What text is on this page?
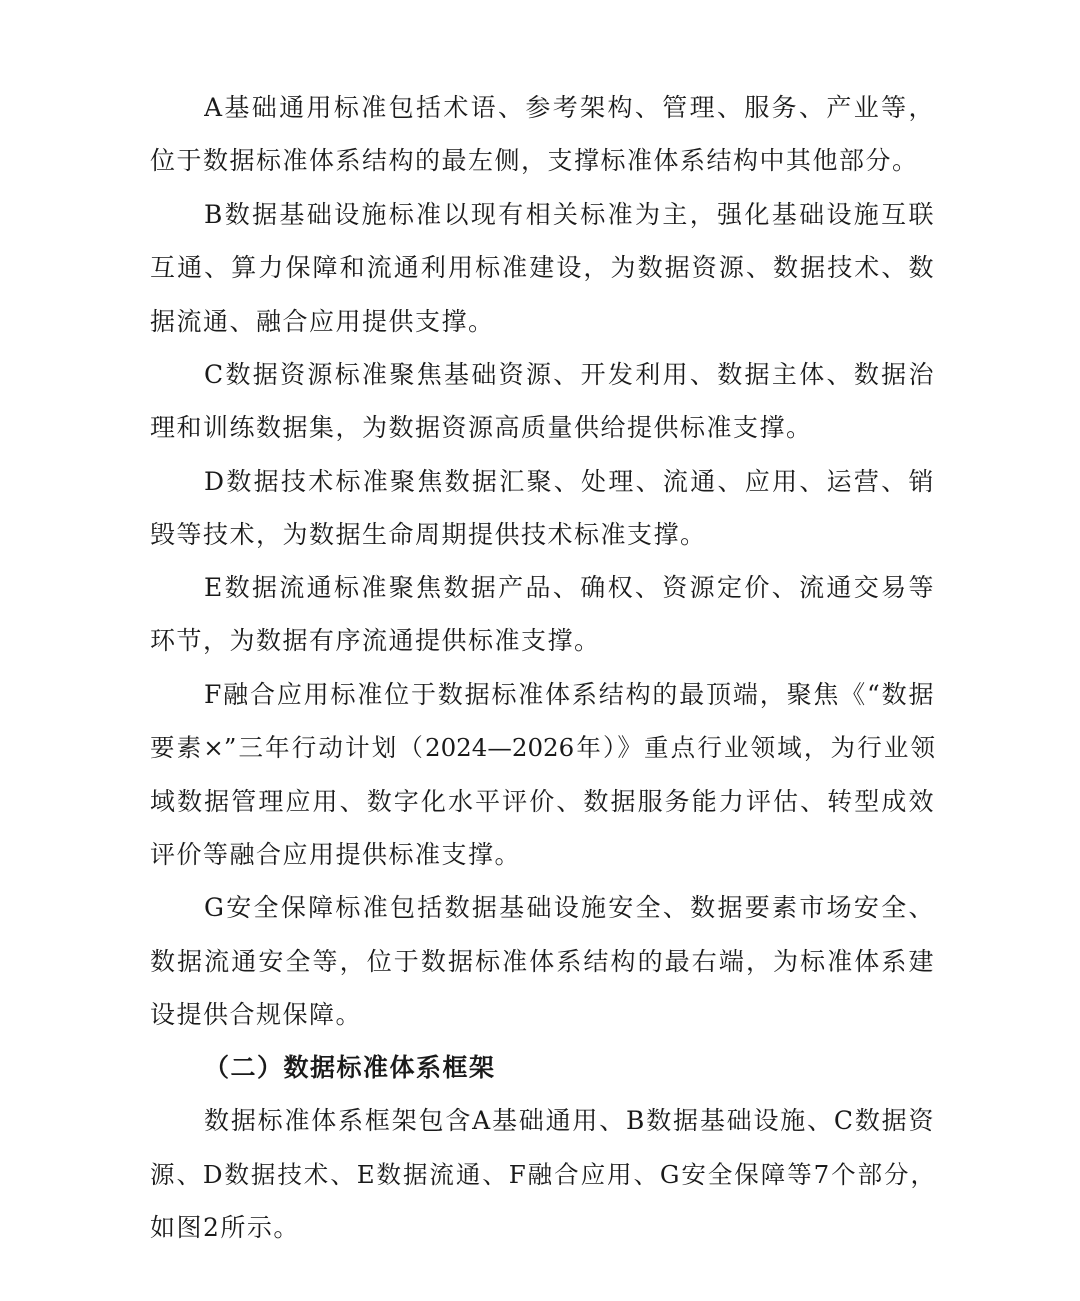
A基础通用标准包括术语、参考架构、管理、服务、产业等，
位于数据标准体系结构的最左侧，支撑标准体系结构中其他部分。
B数据基础设施标准以现有相关标准为主，强化基础设施互联
互通、算力保障和流通利用标准建设，为数据资源、数据技术、数
据流通、融合应用提供支撑。
C数据资源标准聚焦基础资源、开发利用、数据主体、数据治
理和训练数据集，为数据资源高质量供给提供标准支撑。
D数据技术标准聚焦数据汇聚、处理、流通、应用、运营、销
毁等技术，为数据生命周期提供技术标准支撑。
E数据流通标准聚焦数据产品、确权、资源定价、流通交易等
环节，为数据有序流通提供标准支撑。
F融合应用标准位于数据标准体系结构的最顶端，聚焦《“数据
要素×”三年行动计划（2024—2026年）》重点行业领域，为行业领
域数据管理应用、数字化水平评价、数据服务能力评估、转型成效
评价等融合应用提供标准支撑。
G安全保障标准包括数据基础设施安全、数据要素市场安全、
数据流通安全等，位于数据标准体系结构的最右端，为标准体系建
设提供合规保障。
（二）数据标准体系框架
数据标准体系框架包含A基础通用、B数据基础设施、C数据资
源、D数据技术、E数据流通、F融合应用、G安全保障等7个部分，
如图2所示。
